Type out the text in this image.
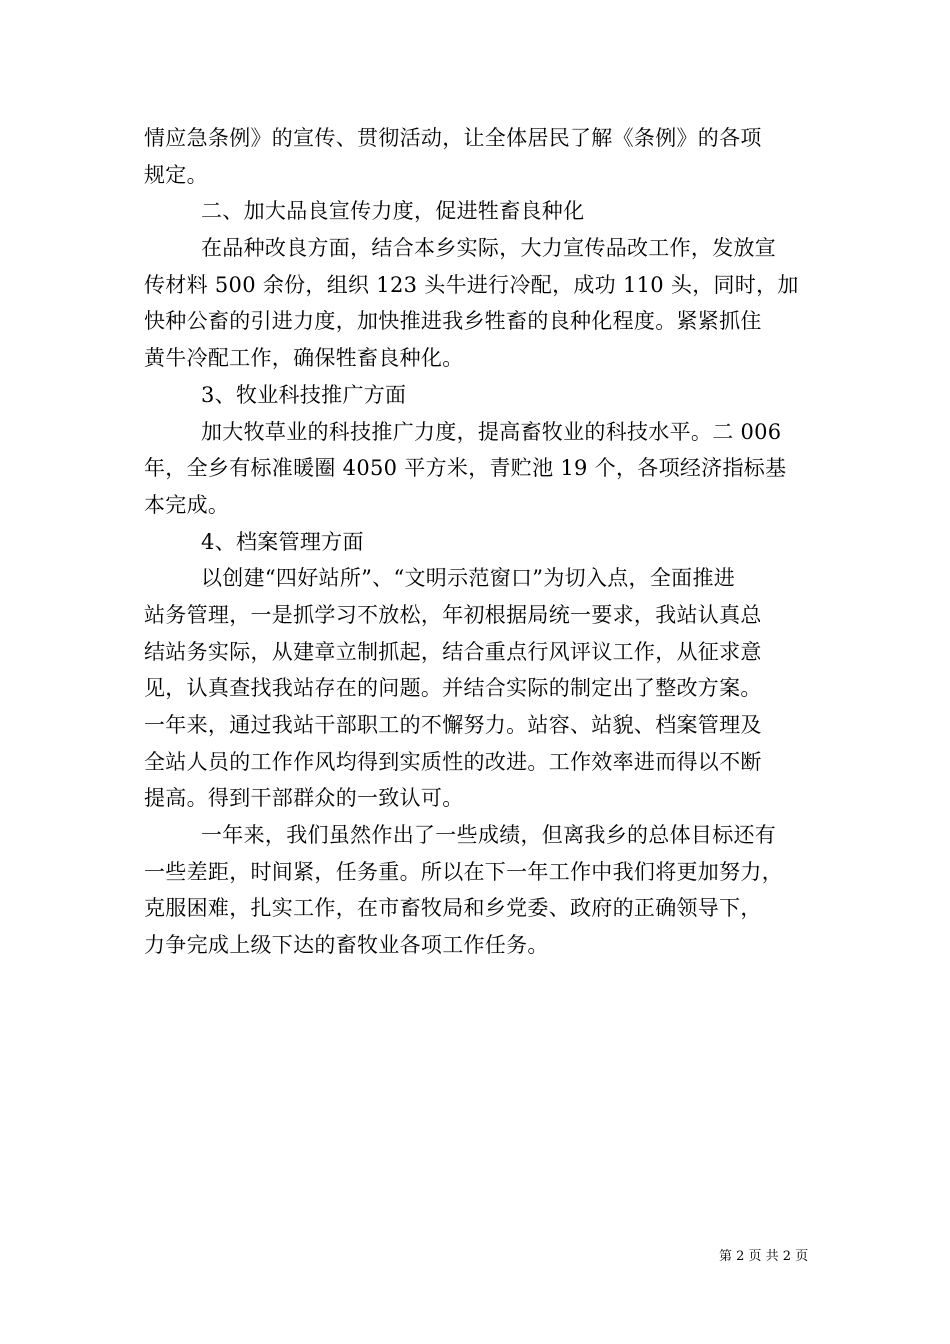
情应急条例》的宣传、贯彻活动，让全体居民了解《条例》的各项
规定。
二、加大品良宣传力度，促进牲畜良种化
在品种改良方面，结合本乡实际，大力宣传品改工作，发放宣
传材料 500 余份，组织 123 头牛进行冷配，成功 110 头，同时，加
快种公畜的引进力度，加快推进我乡牲畜的良种化程度。紧紧抓住
黄牛冷配工作，确保牲畜良种化。
3、牧业科技推广方面
加大牧草业的科技推广力度，提高畜牧业的科技水平。二 006
年，全乡有标准暖圈 4050 平方米，青贮池 19 个，各项经济指标基
本完成。
4、档案管理方面
以创建“四好站所”、“文明示范窗口”为切入点，全面推进
站务管理，一是抓学习不放松，年初根据局统一要求，我站认真总
结站务实际，从建章立制抓起，结合重点行风评议工作，从征求意
见，认真查找我站存在的问题。并结合实际的制定出了整改方案。
一年来，通过我站干部职工的不懈努力。站容、站貌、档案管理及
全站人员的工作作风均得到实质性的改进。工作效率进而得以不断
提高。得到干部群众的一致认可。
一年来，我们虽然作出了一些成绩，但离我乡的总体目标还有
一些差距，时间紧，任务重。所以在下一年工作中我们将更加努力，
克服困难，扎实工作，在市畜牧局和乡党委、政府的正确领导下，
力争完成上级下达的畜牧业各项工作任务。
第 2 页 共 2 页
